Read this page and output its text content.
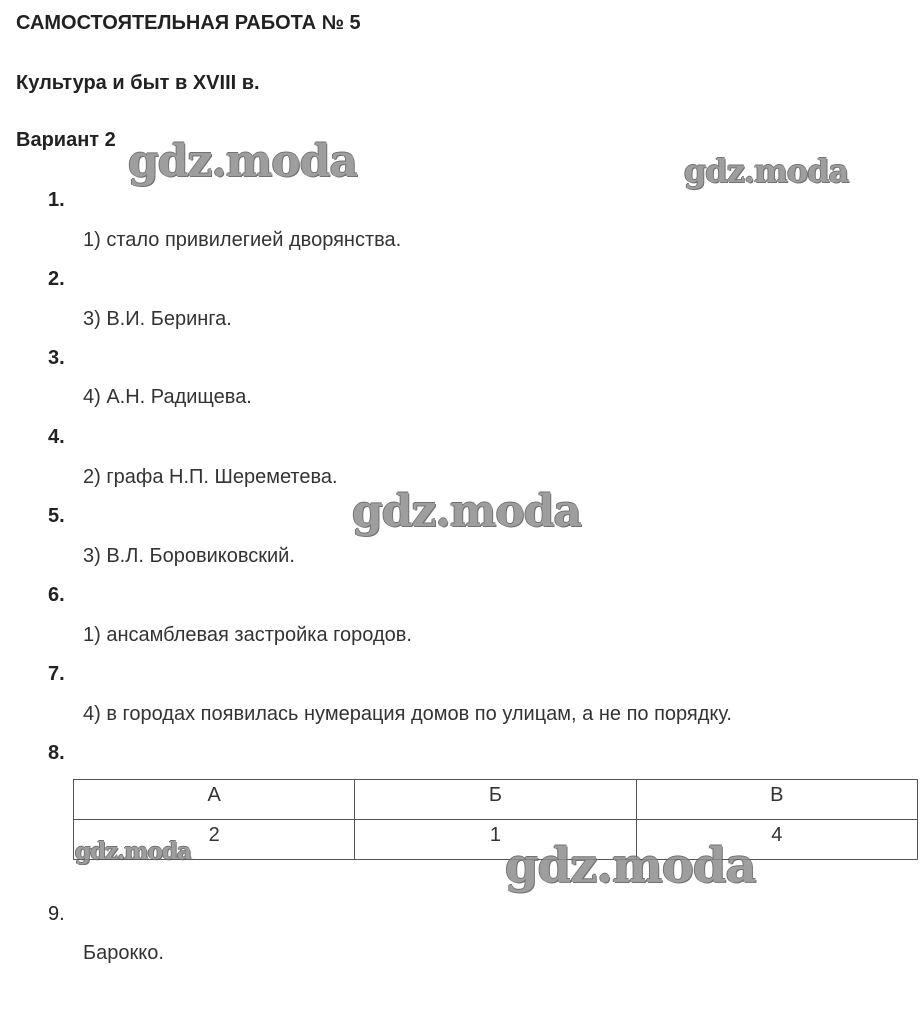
САМОСТОЯТЕЛЬНАЯ РАБОТА № 5
Культура и быт в XVIII в.
Вариант 2
1.
1) стало привилегией дворянства.
2.
3) В.И. Беринга.
3.
4) А.Н. Радищева.
4.
2) графа Н.П. Шереметева.
5.
3) В.Л. Боровиковский.
6.
1) ансамблевая застройка городов.
7.
4) в городах появилась нумерация домов по улицам, а не по порядку.
8.
А	Б	В
2	1	4
9.
Барокко.
gdz.moda	gdz.moda
gdz.moda
gdz.moda	gdz.moda
